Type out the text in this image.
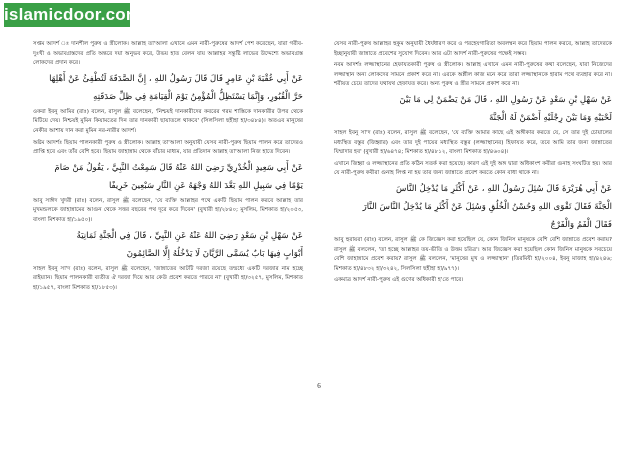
islamicdoor.com

সপ্তম আদর্শ ঃ দানশীল পুরুষ ও স্ত্রীলোক। আল্লাহ তা'আলা এখানে এমন নারী-পুরুষের আদর্শ পেশ করেছেন, যারা গরীব-দুঃখী ও অভাবগ্রস্তদের প্রতি অন্তরে দয়া অনুভব করে, উভয় হাত বেলন যায় আল্লাহর সন্তুষ্টি লাভের উদ্দেশ্যে অভাবগ্রস্ত লোকদের প্রদান করে।

عَنْ أَبِي عُقْبَةَ بْنِ عَامِرٍ قَالَ قَالَ رَسُولُ اللهِ ، إِنَّ الصَّدَقَةَ لَتُطْفِئُ عَنْ أَهْلِهَا
حَرَّ الْقُبُورِ، وَإِنَّمَا يَسْتَظِلُّ الْمُؤْمِنُ يَوْمَ الْقِيَامَةِ فِي ظِلِّ صَدَقَتِهِ

ওকবা ইবনু আমির (রাঃ) বলেন, রাসুল ﷺ বলেছেন, 'নিশ্চয়ই দানকারীদের কবরের গরম শাস্তিকে দানকারীর উপর থেকে মিটিয়ে দেয়। নিশ্চয়ই মুমিন কিয়ামতের দিন তার দানকারী ছায়াতলে থাকবে' (সিলসিলা ছহীহা হা/৩৪৮৪)। অতএব মানুষের নেকীর আশায় দান করা মুমিন নর-নারীর আদর্শ।

অষ্টম আদর্শঃ ছিয়াম পালনকারী পুরুষ ও স্ত্রীলোক। আল্লাহ তা'আলা অনুযায়ী যেসব নারী-পুরুষ ছিয়াম পালন করে তাদেরও প্রাপ্তি হবে এবং তাঁর বেশি হবে। ছিয়াম জাহান্নাম থেকে বাঁচার মাধ্যম, যার প্রতিদান আল্লাহ তা'আলা নিজ হাতে দিবেন।

عَنْ أَبِي سَعِيدٍ الْخُدْرِيِّ رَضِيَ اللهُ عَنْهُ قَالَ سَمِعْتُ النَّبِيَّ ، يَقُولُ مَنْ صَامَ
يَوْمًا فِي سَبِيلِ اللهِ بَعَّدَ اللهُ وَجْهَهُ عَنِ النَّارِ سَبْعِينَ خَرِيفًا

আবু সাঈদ খুদরী (রাঃ) বলেন, রাসুল ﷺ বলেছেন, 'যে ব্যক্তি আল্লাহর পথে একটি ছিয়াম পালন করবে আল্লাহ তার মুখমন্ডলকে জাহান্নামের আগুন থেকে সত্তর বছরের পথ দূরে করে দিবেন' (বুখারী হা/২৮৪০; মুসলিম, মিশকাত হা/২০৫৩, বাংলা মিশকাত হা/১৯৫০)।

عَنْ سَهْلِ بْنِ سَعْدٍ رَضِيَ اللهُ عَنْهُ عَنِ النَّبِيِّ ، قَالَ فِي الْجَنَّةِ ثَمَانِيَةُ
أَبْوَابٍ فِيهَا بَابٌ يُسَمَّى الرَّيَّانَ لَا يَدْخُلُهُ إِلَّا الصَّائِمُونَ

সাহল ইবনু সা'দ (রাঃ) বলেন, রাসুল ﷺ বলেছেন, 'জান্নাতের আটটি দরজা রয়েছে তন্মধ্যে একটি দরজার নাম হচ্ছে রাইয়্যান। ছিয়াম পালনকারী ব্যতীত ঐ দরজা দিয়ে আর কেউ প্রবেশ করতে পারবে না' (বুখারী হা/৩২৫৭, মুসলিম, মিশকাত হা/১৯৫৭, বাংলা মিশকাত হা/১৮৫৩)।

যেসব নারী-পুরুষ আল্লাহর হুকুম অনুযায়ী ধৈর্যধারণ করে ও পরহেযগারিতা অবলম্বন করে ছিয়াম পালন করবে, আল্লাহ তাদেরকে ইচ্ছানুযায়ী জান্নাতে প্রবেশের সুযোগ দিবেন। আর এটা আদর্শ নারী-পুরুষের পক্ষেই সম্ভব।

নবম আদর্শঃ লজ্জাস্থানের হেফাযতকারী পুরুষ ও স্ত্রীলোক। আল্লাহ এখানে এমন নারী-পুরুষের কথা বলেছেন, যারা নিজেদের লজ্জাস্থান অন্য লোকদের সামনে প্রকাশ করে না। এরকে অশ্লীল কাজ মনে করে তারা লজ্জাস্থানকে হারাম পথে ব্যবহার করে না। শরীয়ত চেয়ে তাদের যথাযথ হেফাযত করে। অন্য পুরুষ ও স্ত্রীর সামনে প্রকাশ করে না।

عَنْ سَهْلِ بْنِ سَعْدٍ عَنْ رَسُولِ اللهِ ، قَالَ مَنْ يَضْمَنْ لِي مَا بَيْنَ
لَحْيَيْهِ وَمَا بَيْنَ رِجْلَيْهِ أَضْمَنْ لَهُ الْجَنَّةَ

সাহল ইবনু সা'দ (রাঃ) বলেন, রাসুল ﷺ বলেছেন, 'যে ব্যক্তি আমার কাছে এই অঙ্গীকার করতে যে, সে তার দুই চোয়ালের মধ্যস্থিত বস্তুর (জিহ্বার) এবং তার দুই পায়ের মধ্যস্থিত বস্তুর (লজ্জাস্থানের) হিফাযত করে, তবে আমি তার জন্য জান্নাতের যিম্মাদার হব' (বুখারী হা/৬৪৭৪; মিশকাত হা/৪৮১২, বাংলা মিশকাত হা/৪৬০৪)।

এখানে জিহ্বা ও লজ্জাস্থানের প্রতি কঠিন সতর্ক করা হয়েছে। কারণ এই দুই অঙ্গ দ্বারা অধিকাংশ কবীরা গুনাহ সংঘটিত হয়। আর যে নারী-পুরুষ কবীরা গুনাহ লিপ্ত না হয় তার জন্য জান্নাতে প্রবেশ করতে কোন বাধা থাকে না।

عَنْ أَبِي هُرَيْرَةَ قَالَ سُئِلَ رَسُولُ اللهِ ، عَنْ أَكْثَرِ مَا يُدْخِلُ النَّاسَ
الْجَنَّةَ فَقَالَ تَقْوَى اللهِ وَحُسْنُ الْخُلُقِ وَسُئِلَ عَنْ أَكْثَرِ مَا يُدْخِلُ النَّاسَ النَّارَ
فَقَالَ الْفَمُ وَالْفَرْجُ

আবু হুরায়রা (রাঃ) বলেন, রাসুল ﷺ কে জিজ্ঞেস করা হয়েছিল যে, কোন জিনিস মানুষকে বেশি বেশি জান্নাতে প্রবেশ করায়? রাসুল ﷺ বললেন, 'তা হচ্ছে আল্লাহর তয়-ভীতি ও উত্তম চরিত্র'। আর জিজ্ঞেস করা হয়েছিল কোন জিনিস মানুষকে সবচেয়ে বেশি জাহান্নামে প্রবেশ করায়? রাসুল ﷺ বললেন, 'মানুষের মুখ ও লজ্জাস্থান' (তিরমিযী হা/২০০৪, ইবনু মাজাহ হা/৪২৪৬; মিশকাত হা/৪৮৩২ হা/৩২৪২, সিলসিলা ছহীহা হা/৯৭৭)।

একমাত্র আদর্শ নারী-পুরুষ এই গুণের অধিকারী হ'তে পারে।

6
